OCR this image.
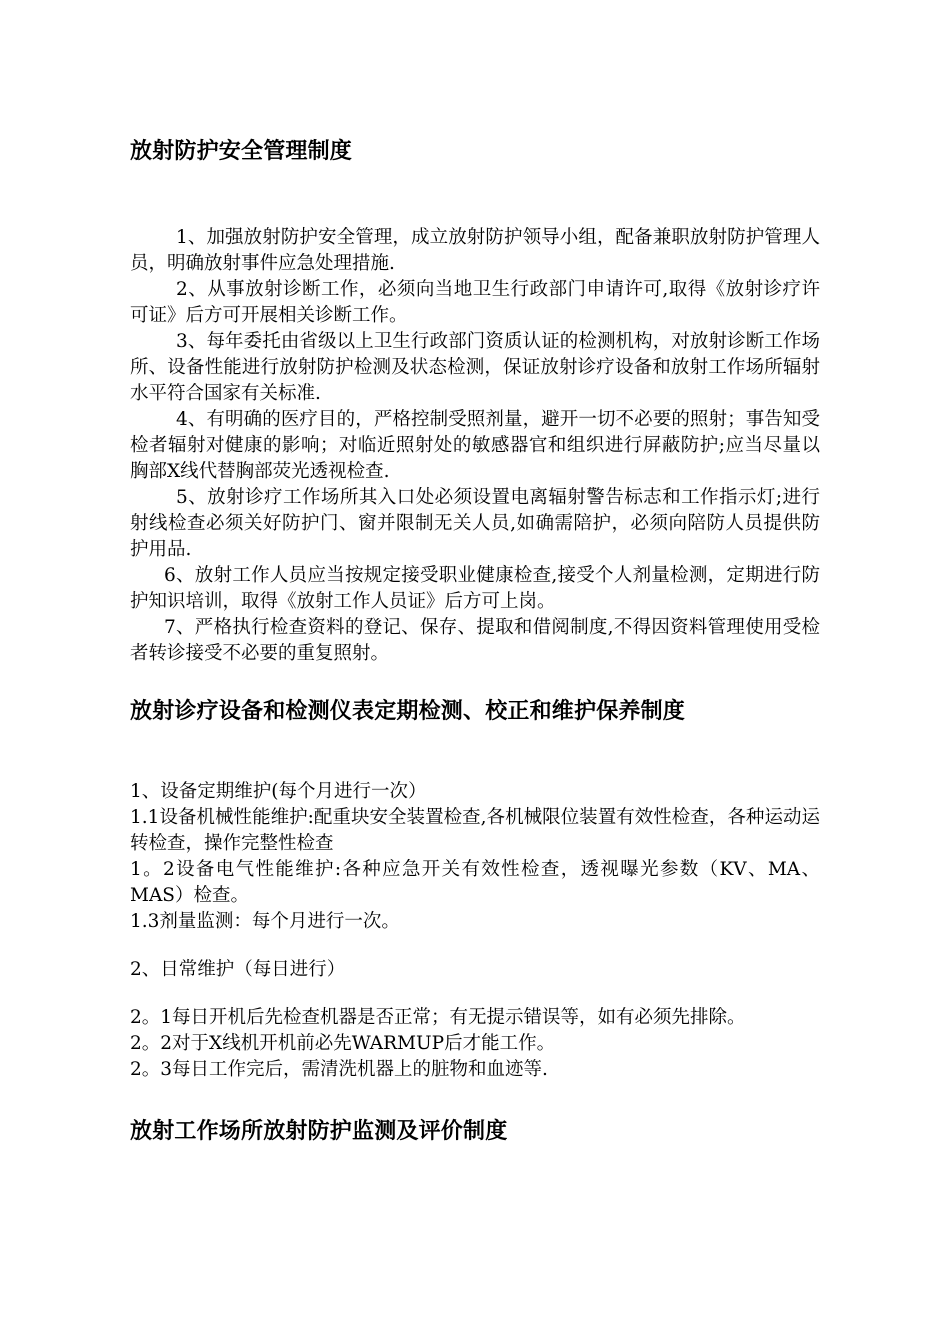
放射防护安全管理制度

1、加强放射防护安全管理，成立放射防护领导小组，配备兼职放射防护管理人员，明确放射事件应急处理措施.

2、从事放射诊断工作，必须向当地卫生行政部门申请许可,取得《放射诊疗许可证》后方可开展相关诊断工作。

3、每年委托由省级以上卫生行政部门资质认证的检测机构，对放射诊断工作场所、设备性能进行放射防护检测及状态检测，保证放射诊疗设备和放射工作场所辐射水平符合国家有关标准.

4、有明确的医疗目的，严格控制受照剂量，避开一切不必要的照射；事告知受检者辐射对健康的影响；对临近照射处的敏感器官和组织进行屏蔽防护;应当尽量以胸部X线代替胸部荧光透视检查.

5、放射诊疗工作场所其入口处必须设置电离辐射警告标志和工作指示灯;进行射线检查必须关好防护门、窗并限制无关人员,如确需陪护，必须向陪防人员提供防护用品.

6、放射工作人员应当按规定接受职业健康检查,接受个人剂量检测，定期进行防护知识培训，取得《放射工作人员证》后方可上岗。

7、严格执行检查资料的登记、保存、提取和借阅制度,不得因资料管理使用受检者转诊接受不必要的重复照射。

放射诊疗设备和检测仪表定期检测、校正和维护保养制度

1、设备定期维护(每个月进行一次）

1.1设备机械性能维护:配重块安全装置检查,各机械限位装置有效性检查，各种运动运转检查，操作完整性检查

1。2设备电气性能维护:各种应急开关有效性检查，透视曝光参数（KV、MA、MAS）检查。

1.3剂量监测：每个月进行一次。

2、日常维护（每日进行）

2。1每日开机后先检查机器是否正常；有无提示错误等，如有必须先排除。

2。2对于X线机开机前必先WARMUP后才能工作。

2。3每日工作完后，需清洗机器上的脏物和血迹等.

放射工作场所放射防护监测及评价制度
